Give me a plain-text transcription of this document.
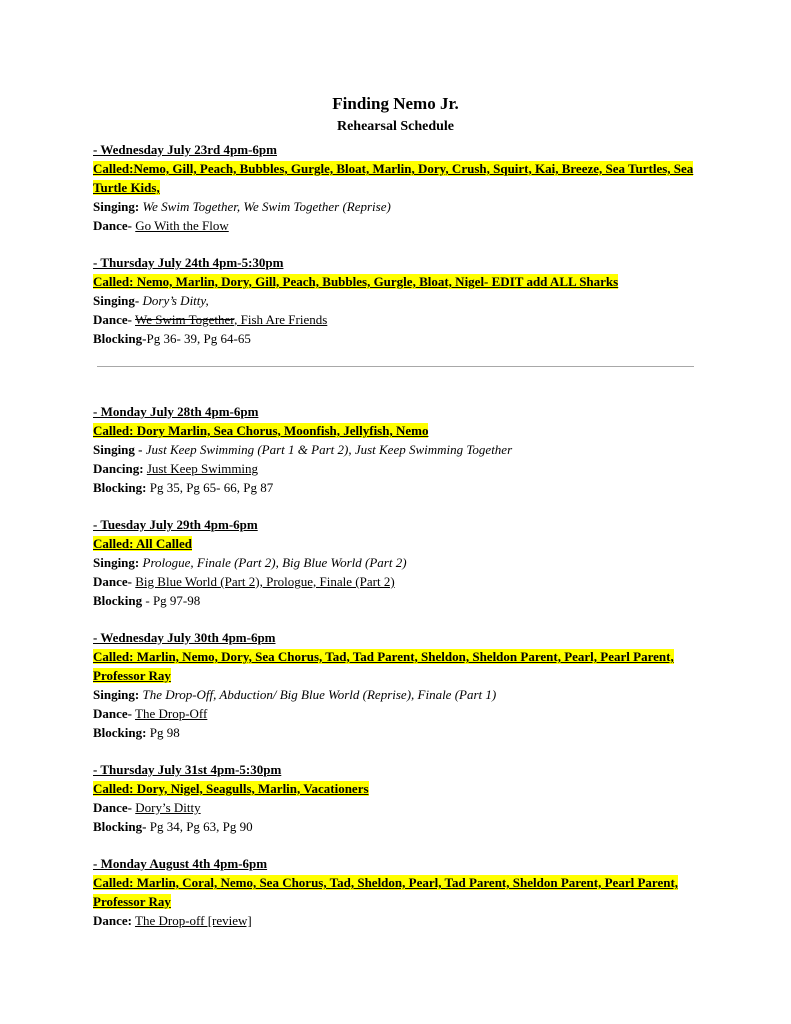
Finding Nemo Jr.
Rehearsal Schedule
- Wednesday July 23rd 4pm-6pm
Called:Nemo, Gill, Peach, Bubbles, Gurgle, Bloat, Marlin, Dory, Crush, Squirt, Kai, Breeze, Sea Turtles, Sea Turtle Kids,
Singing: We Swim Together, We Swim Together (Reprise)
Dance- Go With the Flow
- Thursday July 24th 4pm-5:30pm
Called: Nemo, Marlin, Dory, Gill, Peach, Bubbles, Gurgle, Bloat, Nigel- EDIT add ALL Sharks
Singing- Dory’s Ditty,
Dance- We Swim Together, Fish Are Friends
Blocking-Pg 36- 39, Pg 64-65
- Monday July 28th 4pm-6pm
Called: Dory Marlin, Sea Chorus, Moonfish, Jellyfish, Nemo
Singing - Just Keep Swimming (Part 1 & Part 2), Just Keep Swimming Together
Dancing: Just Keep Swimming
Blocking: Pg 35, Pg 65- 66, Pg 87
- Tuesday July 29th 4pm-6pm
Called: All Called
Singing: Prologue, Finale (Part 2), Big Blue World (Part 2)
Dance- Big Blue World (Part 2), Prologue, Finale (Part 2)
Blocking - Pg 97-98
- Wednesday July 30th 4pm-6pm
Called: Marlin, Nemo, Dory, Sea Chorus, Tad, Tad Parent, Sheldon, Sheldon Parent, Pearl, Pearl Parent, Professor Ray
Singing: The Drop-Off, Abduction/ Big Blue World (Reprise), Finale (Part 1)
Dance- The Drop-Off
Blocking: Pg 98
- Thursday July 31st 4pm-5:30pm
Called: Dory, Nigel, Seagulls, Marlin, Vacationers
Dance- Dory’s Ditty
Blocking- Pg 34, Pg 63, Pg 90
- Monday August 4th 4pm-6pm
Called: Marlin, Coral, Nemo, Sea Chorus, Tad, Sheldon, Pearl, Tad Parent, Sheldon Parent, Pearl Parent, Professor Ray
Dance: The Drop-off [review]
